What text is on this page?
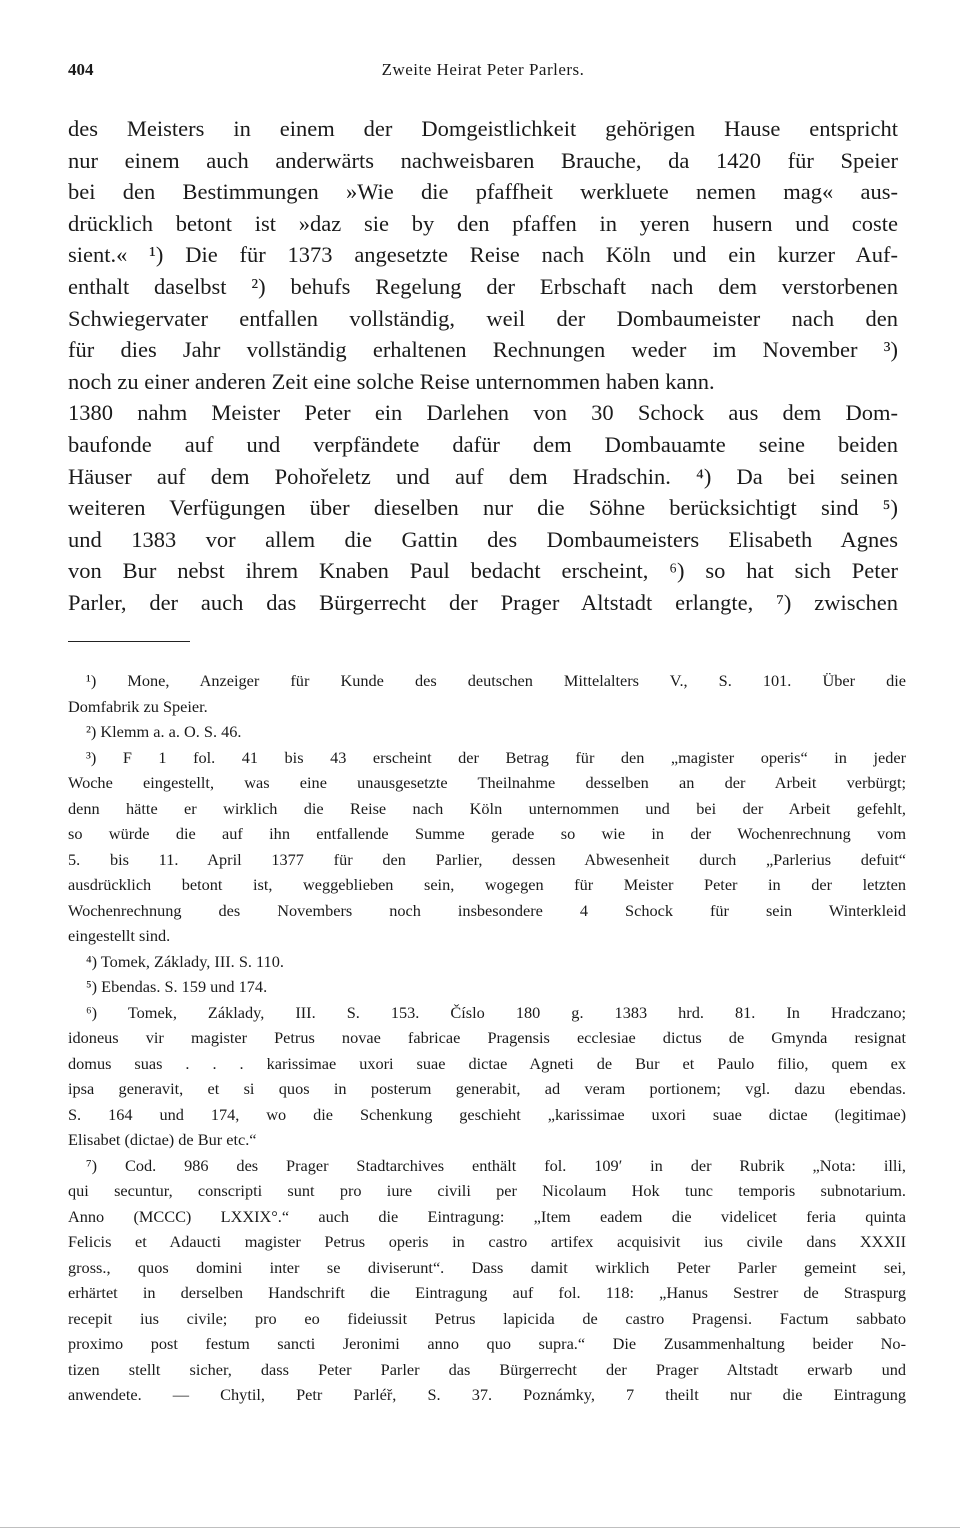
404	Zweite Heirat Peter Parlers.
des Meisters in einem der Domgeistlichkeit gehörigen Hause entspricht
nur einem auch anderwärts nachweisbaren Brauche, da 1420 für Speier
bei den Bestimmungen »Wie die pfaffheit werkluete nemen mag« aus-
drücklich betont ist »daz sie by den pfaffen in yeren husern und coste
sient.« ¹) Die für 1373 angesetzte Reise nach Köln und ein kurzer Auf-
enthalt daselbst ²) behufs Regelung der Erbschaft nach dem verstorbenen
Schwiegervater entfallen vollständig, weil der Dombaumeister nach den
für dies Jahr vollständig erhaltenen Rechnungen weder im November ³)
noch zu einer anderen Zeit eine solche Reise unternommen haben kann.
1380 nahm Meister Peter ein Darlehen von 30 Schock aus dem Dom-
baufonde auf und verpfändete dafür dem Dombauamte seine beiden
Häuser auf dem Pohořeletz und auf dem Hradschin. ⁴) Da bei seinen
weiteren Verfügungen über dieselben nur die Söhne berücksichtigt sind ⁵)
und 1383 vor allem die Gattin des Dombaumeisters Elisabeth Agnes
von Bur nebst ihrem Knaben Paul bedacht erscheint, ⁶) so hat sich Peter
Parler, der auch das Bürgerrecht der Prager Altstadt erlangte, ⁷) zwischen
¹) Mone, Anzeiger für Kunde des deutschen Mittelalters V., S. 101. Über die
Domfabrik zu Speier.
²) Klemm a. a. O. S. 46.
³) F 1 fol. 41 bis 43 erscheint der Betrag für den „magister operis“ in jeder
Woche eingestellt, was eine unausgesetzte Theilnahme desselben an der Arbeit verbürgt;
denn hätte er wirklich die Reise nach Köln unternommen und bei der Arbeit gefehlt,
so würde die auf ihn entfallende Summe gerade so wie in der Wochenrechnung vom
5. bis 11. April 1377 für den Parlier, dessen Abwesenheit durch „Parlerius defuit“
ausdrücklich betont ist, weggeblieben sein, wogegen für Meister Peter in der letzten
Wochenrechnung des Novembers noch insbesondere 4 Schock für sein Winterkleid
eingestellt sind.
⁴) Tomek, Základy, III. S. 110.
⁵) Ebendas. S. 159 und 174.
⁶) Tomek, Základy, III. S. 153. Číslo 180 g. 1383 hrd. 81. In Hradczano;
idoneus vir magister Petrus novae fabricae Pragensis ecclesiae dictus de Gmynda resignat
domus suas . . . karissimae uxori suae dictae Agneti de Bur et Paulo filio, quem ex
ipsa generavit, et si quos in posterum generabit, ad veram portionem; vgl. dazu ebendas.
S. 164 und 174, wo die Schenkung geschieht „karissimae uxori suae dictae (legitimae)
Elisabet (dictae) de Bur etc.“
⁷) Cod. 986 des Prager Stadtarchives enthält fol. 109′ in der Rubrik „Nota: illi,
qui secuntur, conscripti sunt pro iure civili per Nicolaum Hok tunc temporis subnotarium.
Anno (MCCC) LXXIX°.“ auch die Eintragung: „Item eadem die videlicet feria quinta
Felicis et Adaucti magister Petrus operis in castro artifex acquisivit ius civile dans XXXII
gross., quos domini inter se diviserunt“. Dass damit wirklich Peter Parler gemeint sei,
erhärtet in derselben Handschrift die Eintragung auf fol. 118: „Hanus Sestrer de Straspurg
recepit ius civile; pro eo fideiussit Petrus lapicida de castro Pragensi. Factum sabbato
proximo post festum sancti Jeronimi anno quo supra.“ Die Zusammenhaltung beider No-
tizen stellt sicher, dass Peter Parler das Bürgerrecht der Prager Altstadt erwarb und
anwendete. — Chytil, Petr Parléř, S. 37. Poznámky, 7 theilt nur die Eintragung
